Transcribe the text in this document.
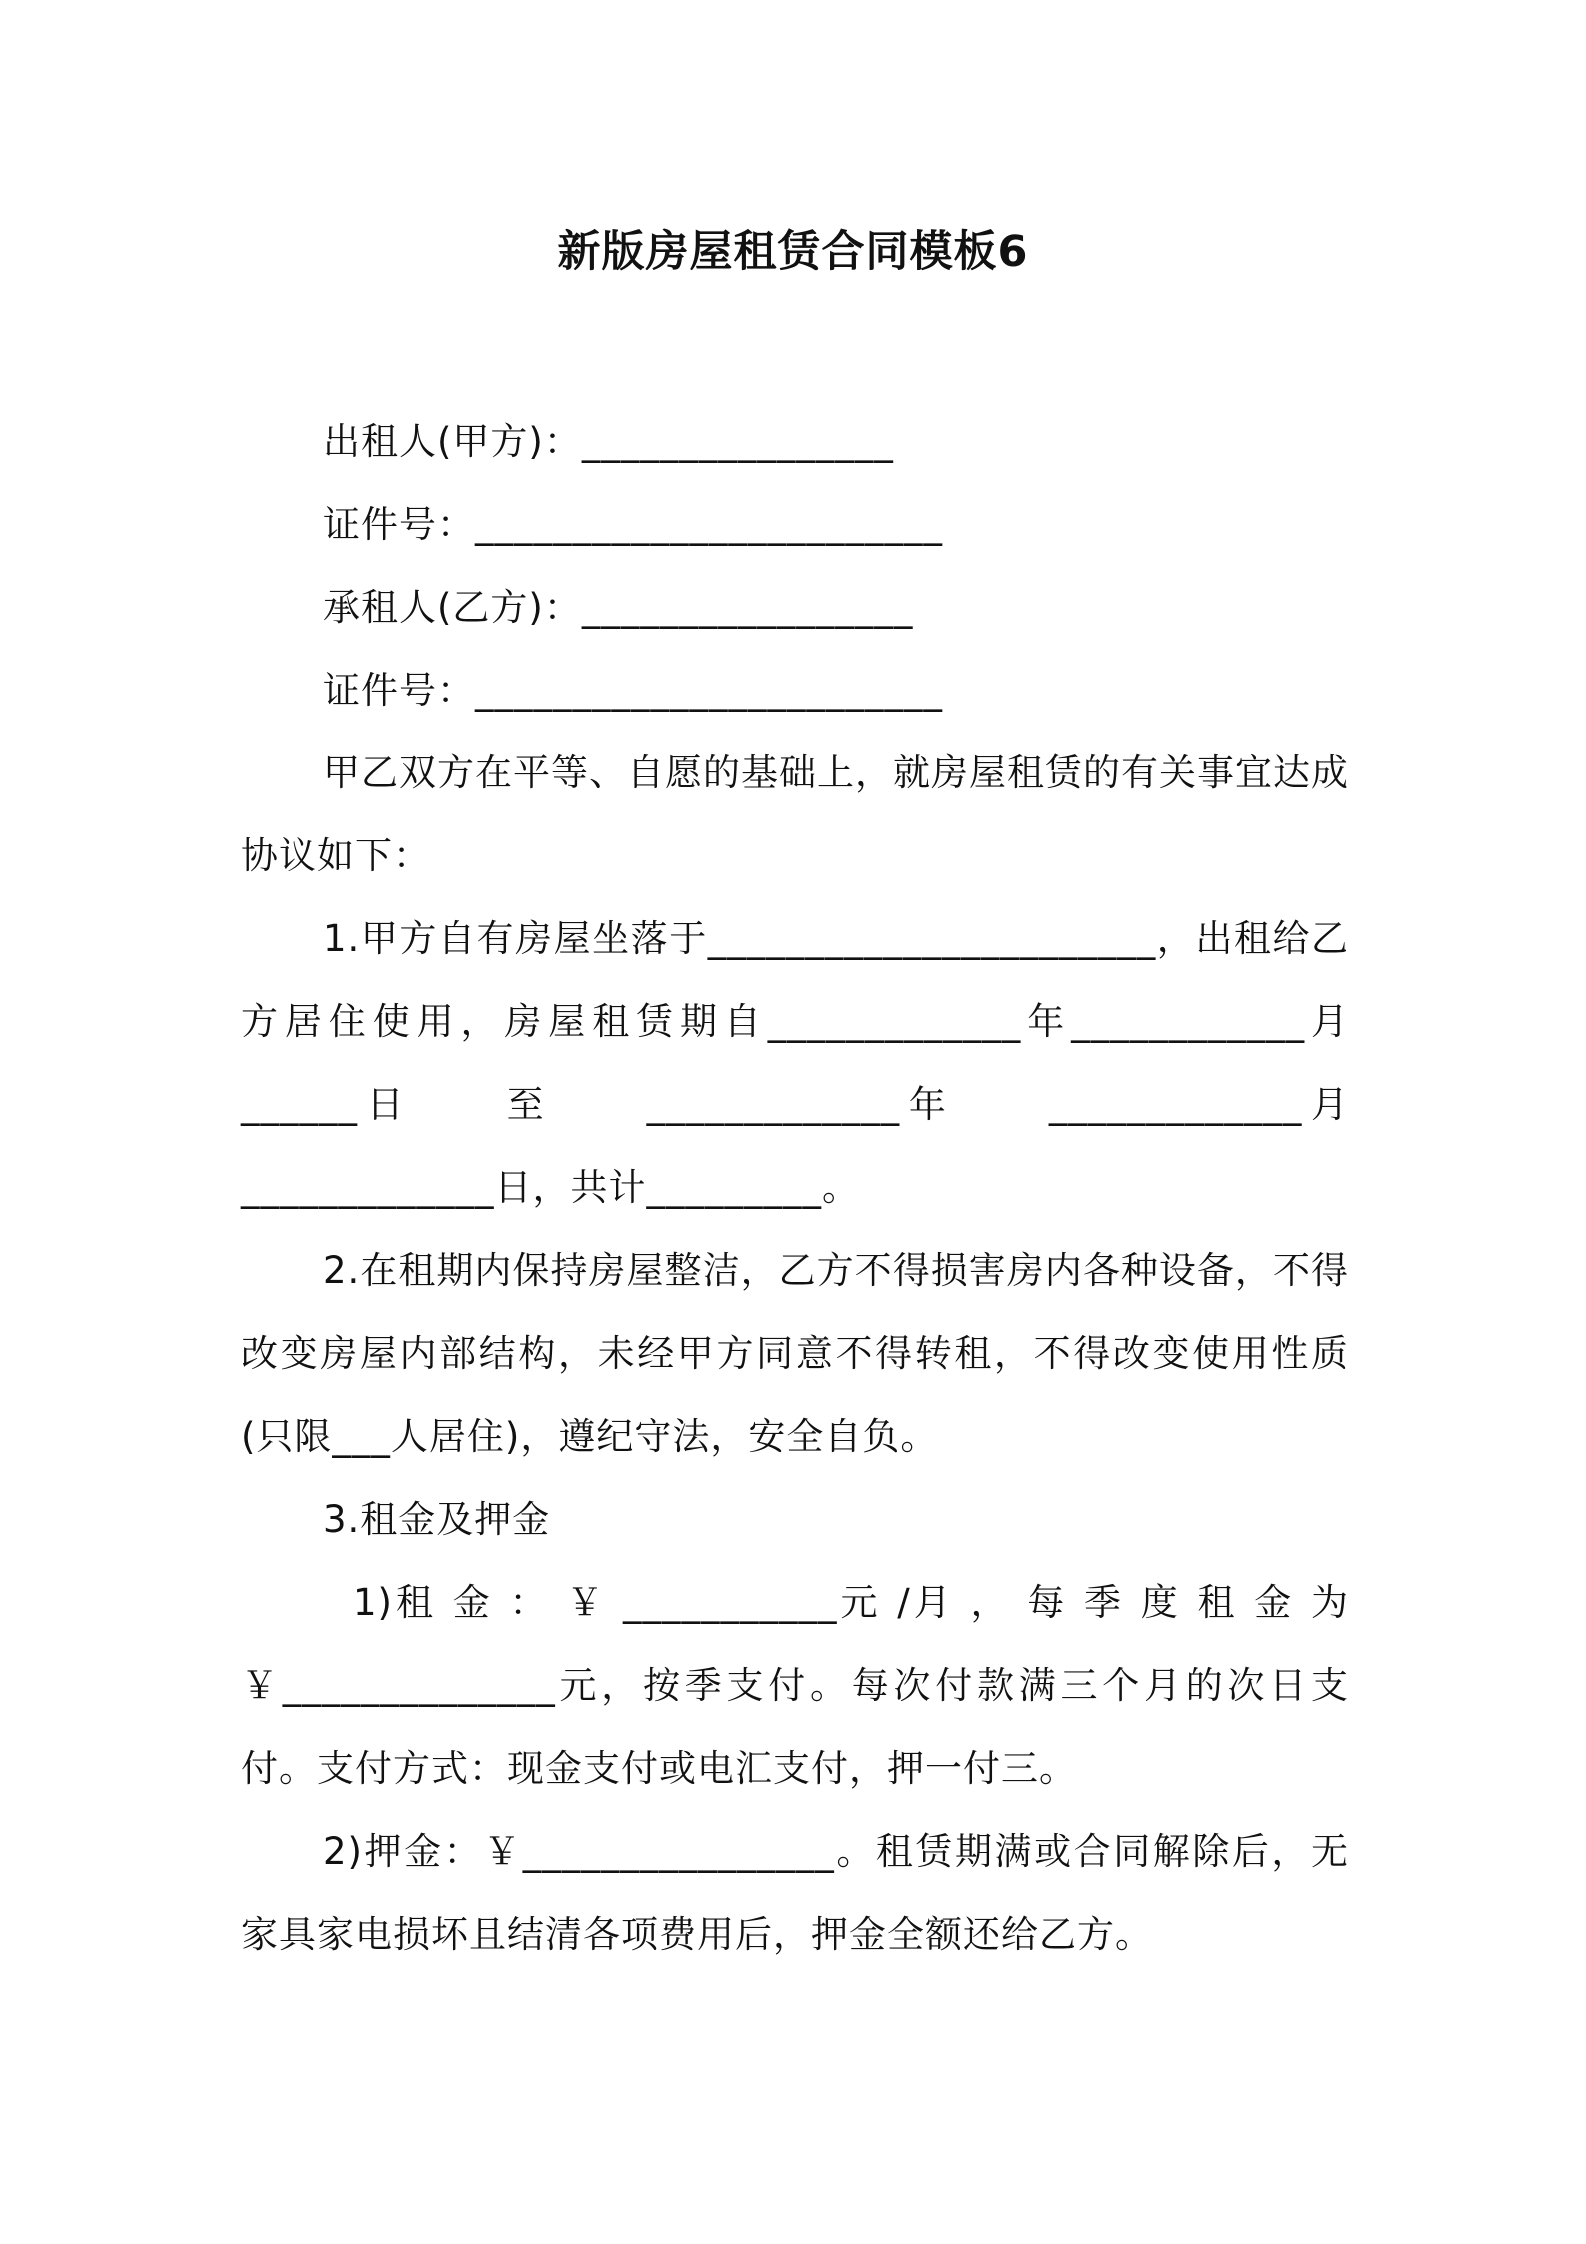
新版房屋租赁合同模板6

出租人(甲方)：________________

证件号：________________________

承租人(乙方)：_________________

证件号：________________________

甲乙双方在平等、自愿的基础上，就房屋租赁的有关事宜达成协议如下：

1.甲方自有房屋坐落于_______________________，出租给乙方居住使用，房屋租赁期自_____________年____________月　　______日　　至　　_____________年　　_____________月_____________日，共计_________。

2.在租期内保持房屋整洁，乙方不得损害房内各种设备，不得改变房屋内部结构，未经甲方同意不得转租，不得改变使用性质(只限___人居住)，遵纪守法，安全自负。

3.租金及押金

1)租 金 ： ￥ ___________元 /月 ， 每 季 度 租 金 为￥______________元，按季支付。每次付款满三个月的次日支付。支付方式：现金支付或电汇支付，押一付三。

2)押金：￥________________。租赁期满或合同解除后，无家具家电损坏且结清各项费用后，押金全额还给乙方。
